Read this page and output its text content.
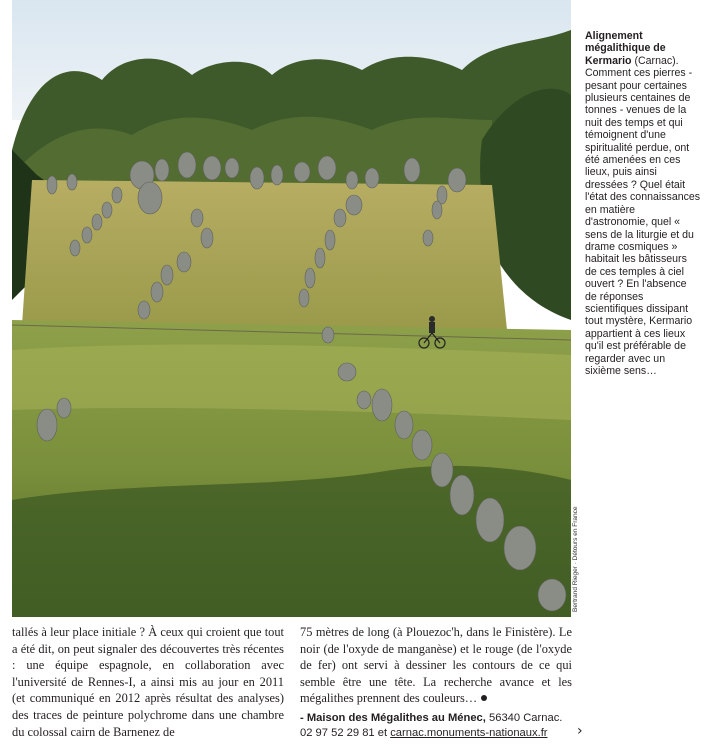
Bertrand Rieger · Détours en France
Alignement mégalithique de Kermario (Carnac). Comment ces pierres - pesant pour certaines plusieurs centaines de tonnes - venues de la nuit des temps et qui témoignent d'une spiritualité perdue, ont été amenées en ces lieux, puis ainsi dressées ? Quel était l'état des connaissances en matière d'astronomie, quel « sens de la liturgie et du drame cosmiques » habitait les bâtisseurs de ces temples à ciel ouvert ? En l'absence de réponses scientifiques dissipant tout mystère, Kermario appartient à ces lieux qu'il est préférable de regarder avec un sixième sens…
tallés à leur place initiale ? À ceux qui croient que tout a été dit, on peut signaler des découvertes très récentes : une équipe espagnole, en collaboration avec l'université de Rennes-I, a ainsi mis au jour en 2011 (et communiqué en 2012 après résultat des analyses) des traces de peinture polychrome dans une chambre du colossal cairn de Barnenez de
75 mètres de long (à Plouezoc'h, dans le Finistère). Le noir (de l'oxyde de manganèse) et le rouge (de l'oxyde de fer) ont servi à dessiner les contours de ce qui semble être une tête. La recherche avance et les mégalithes prennent des couleurs…
- Maison des Mégalithes au Ménec, 56340 Carnac. 02 97 52 29 81 et carnac.monuments-nationaux.fr	›
